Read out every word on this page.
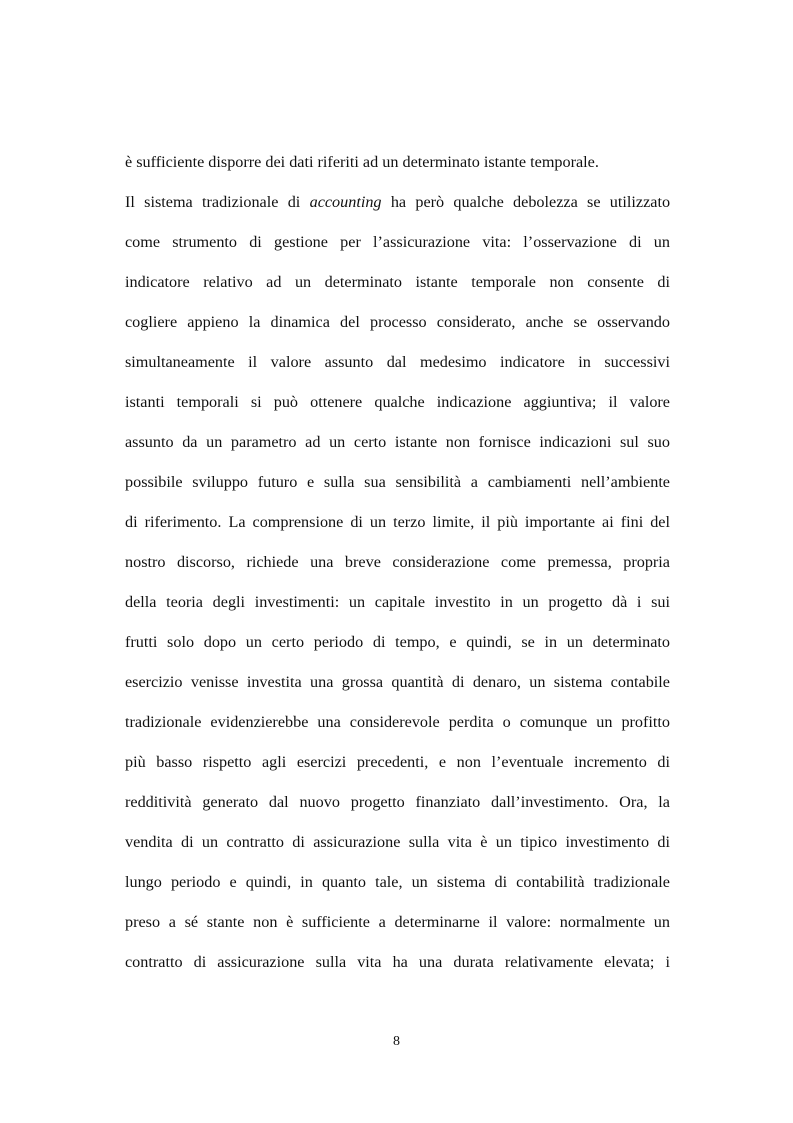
è sufficiente disporre dei dati riferiti ad un determinato istante temporale.
Il sistema tradizionale di accounting ha però qualche debolezza se utilizzato
come strumento di gestione per l’assicurazione vita: l’osservazione di un
indicatore relativo ad un determinato istante temporale non consente di
cogliere appieno la dinamica del processo considerato, anche se osservando
simultaneamente il valore assunto dal medesimo indicatore in successivi
istanti temporali si può ottenere qualche indicazione aggiuntiva; il valore
assunto da un parametro ad un certo istante non fornisce indicazioni sul suo
possibile sviluppo futuro e sulla sua sensibilità a cambiamenti nell’ambiente
di riferimento. La comprensione di un terzo limite, il più importante ai fini del
nostro discorso, richiede una breve considerazione come premessa, propria
della teoria degli investimenti: un capitale investito in un progetto dà i sui
frutti solo dopo un certo periodo di tempo, e quindi, se in un determinato
esercizio venisse investita una grossa quantità di denaro, un sistema contabile
tradizionale evidenzierebbe una considerevole perdita o comunque un profitto
più basso rispetto agli esercizi precedenti, e non l’eventuale incremento di
redditività generato dal nuovo progetto finanziato dall’investimento. Ora, la
vendita di un contratto di assicurazione sulla vita è un tipico investimento di
lungo periodo e quindi, in quanto tale, un sistema di contabilità tradizionale
preso a sé stante non è sufficiente a determinarne il valore: normalmente un
contratto di assicurazione sulla vita ha una durata relativamente elevata; i
8
